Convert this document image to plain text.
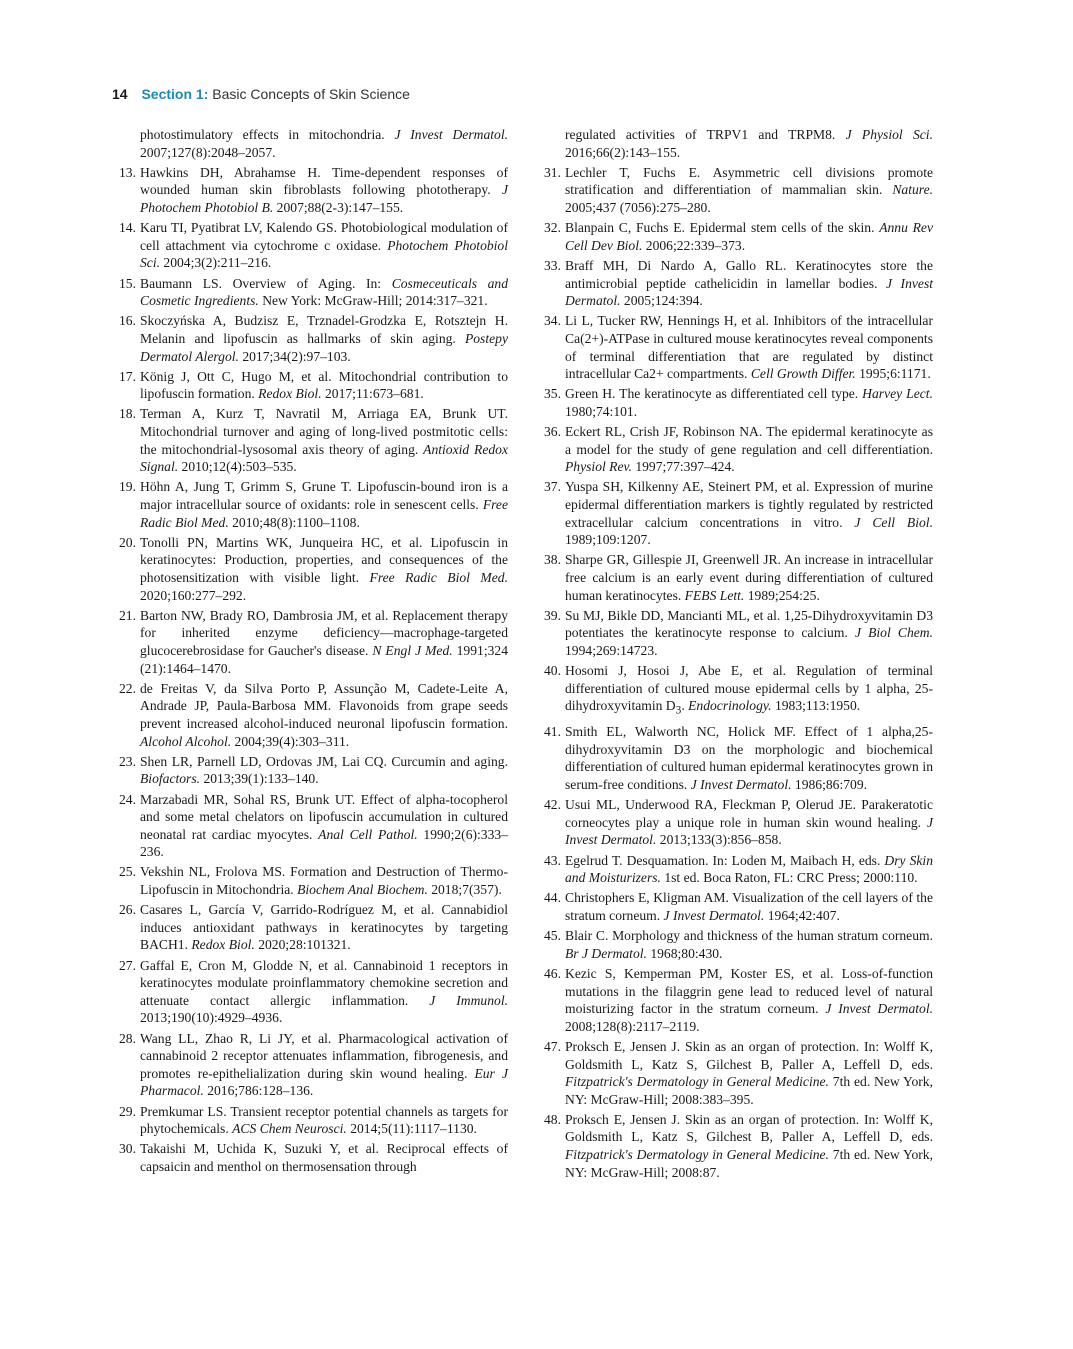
14 Section 1: Basic Concepts of Skin Science
photostimulatory effects in mitochondria. J Invest Dermatol. 2007;127(8):2048–2057.
13. Hawkins DH, Abrahamse H. Time-dependent responses of wounded human skin fibroblasts following phototherapy. J Photochem Photobiol B. 2007;88(2-3):147–155.
14. Karu TI, Pyatibrat LV, Kalendo GS. Photobiological modulation of cell attachment via cytochrome c oxidase. Photochem Photobiol Sci. 2004;3(2):211–216.
15. Baumann LS. Overview of Aging. In: Cosmeceuticals and Cosmetic Ingredients. New York: McGraw-Hill; 2014:317–321.
16. Skoczyńska A, Budzisz E, Trznadel-Grodzka E, Rotsztejn H. Melanin and lipofuscin as hallmarks of skin aging. Postepy Dermatol Alergol. 2017;34(2):97–103.
17. König J, Ott C, Hugo M, et al. Mitochondrial contribution to lipofuscin formation. Redox Biol. 2017;11:673–681.
18. Terman A, Kurz T, Navratil M, Arriaga EA, Brunk UT. Mitochondrial turnover and aging of long-lived postmitotic cells: the mitochondrial-lysosomal axis theory of aging. Antioxid Redox Signal. 2010;12(4):503–535.
19. Höhn A, Jung T, Grimm S, Grune T. Lipofuscin-bound iron is a major intracellular source of oxidants: role in senescent cells. Free Radic Biol Med. 2010;48(8):1100–1108.
20. Tonolli PN, Martins WK, Junqueira HC, et al. Lipofuscin in keratinocytes: Production, properties, and consequences of the photosensitization with visible light. Free Radic Biol Med. 2020;160:277–292.
21. Barton NW, Brady RO, Dambrosia JM, et al. Replacement therapy for inherited enzyme deficiency—macrophage-targeted glucocerebrosidase for Gaucher's disease. N Engl J Med. 1991;324 (21):1464–1470.
22. de Freitas V, da Silva Porto P, Assunção M, Cadete-Leite A, Andrade JP, Paula-Barbosa MM. Flavonoids from grape seeds prevent increased alcohol-induced neuronal lipofuscin formation. Alcohol Alcohol. 2004;39(4):303–311.
23. Shen LR, Parnell LD, Ordovas JM, Lai CQ. Curcumin and aging. Biofactors. 2013;39(1):133–140.
24. Marzabadi MR, Sohal RS, Brunk UT. Effect of alpha-tocopherol and some metal chelators on lipofuscin accumulation in cultured neonatal rat cardiac myocytes. Anal Cell Pathol. 1990;2(6):333–236.
25. Vekshin NL, Frolova MS. Formation and Destruction of Thermo-Lipofuscin in Mitochondria. Biochem Anal Biochem. 2018;7(357).
26. Casares L, García V, Garrido-Rodríguez M, et al. Cannabidiol induces antioxidant pathways in keratinocytes by targeting BACH1. Redox Biol. 2020;28:101321.
27. Gaffal E, Cron M, Glodde N, et al. Cannabinoid 1 receptors in keratinocytes modulate proinflammatory chemokine secretion and attenuate contact allergic inflammation. J Immunol. 2013;190(10):4929–4936.
28. Wang LL, Zhao R, Li JY, et al. Pharmacological activation of cannabinoid 2 receptor attenuates inflammation, fibrogenesis, and promotes re-epithelialization during skin wound healing. Eur J Pharmacol. 2016;786:128–136.
29. Premkumar LS. Transient receptor potential channels as targets for phytochemicals. ACS Chem Neurosci. 2014;5(11):1117–1130.
30. Takaishi M, Uchida K, Suzuki Y, et al. Reciprocal effects of capsaicin and menthol on thermosensation through
regulated activities of TRPV1 and TRPM8. J Physiol Sci. 2016;66(2):143–155.
31. Lechler T, Fuchs E. Asymmetric cell divisions promote stratification and differentiation of mammalian skin. Nature. 2005;437 (7056):275–280.
32. Blanpain C, Fuchs E. Epidermal stem cells of the skin. Annu Rev Cell Dev Biol. 2006;22:339–373.
33. Braff MH, Di Nardo A, Gallo RL. Keratinocytes store the antimicrobial peptide cathelicidin in lamellar bodies. J Invest Dermatol. 2005;124:394.
34. Li L, Tucker RW, Hennings H, et al. Inhibitors of the intracellular Ca(2+)-ATPase in cultured mouse keratinocytes reveal components of terminal differentiation that are regulated by distinct intracellular Ca2+ compartments. Cell Growth Differ. 1995;6:1171.
35. Green H. The keratinocyte as differentiated cell type. Harvey Lect. 1980;74:101.
36. Eckert RL, Crish JF, Robinson NA. The epidermal keratinocyte as a model for the study of gene regulation and cell differentiation. Physiol Rev. 1997;77:397–424.
37. Yuspa SH, Kilkenny AE, Steinert PM, et al. Expression of murine epidermal differentiation markers is tightly regulated by restricted extracellular calcium concentrations in vitro. J Cell Biol. 1989;109:1207.
38. Sharpe GR, Gillespie JI, Greenwell JR. An increase in intracellular free calcium is an early event during differentiation of cultured human keratinocytes. FEBS Lett. 1989;254:25.
39. Su MJ, Bikle DD, Mancianti ML, et al. 1,25-Dihydroxyvitamin D3 potentiates the keratinocyte response to calcium. J Biol Chem. 1994;269:14723.
40. Hosomi J, Hosoi J, Abe E, et al. Regulation of terminal differentiation of cultured mouse epidermal cells by 1 alpha, 25-dihydroxyvitamin $D_3$. Endocrinology. 1983;113:1950.
41. Smith EL, Walworth NC, Holick MF. Effect of 1 alpha,25-dihydroxyvitamin D3 on the morphologic and biochemical differentiation of cultured human epidermal keratinocytes grown in serum-free conditions. J Invest Dermatol. 1986;86:709.
42. Usui ML, Underwood RA, Fleckman P, Olerud JE. Parakeratotic corneocytes play a unique role in human skin wound healing. J Invest Dermatol. 2013;133(3):856–858.
43. Egelrud T. Desquamation. In: Loden M, Maibach H, eds. Dry Skin and Moisturizers. 1st ed. Boca Raton, FL: CRC Press; 2000:110.
44. Christophers E, Kligman AM. Visualization of the cell layers of the stratum corneum. J Invest Dermatol. 1964;42:407.
45. Blair C. Morphology and thickness of the human stratum corneum. Br J Dermatol. 1968;80:430.
46. Kezic S, Kemperman PM, Koster ES, et al. Loss-of-function mutations in the filaggrin gene lead to reduced level of natural moisturizing factor in the stratum corneum. J Invest Dermatol. 2008;128(8):2117–2119.
47. Proksch E, Jensen J. Skin as an organ of protection. In: Wolff K, Goldsmith L, Katz S, Gilchest B, Paller A, Leffell D, eds. Fitzpatrick's Dermatology in General Medicine. 7th ed. New York, NY: McGraw-Hill; 2008:383–395.
48. Proksch E, Jensen J. Skin as an organ of protection. In: Wolff K, Goldsmith L, Katz S, Gilchest B, Paller A, Leffell D, eds. Fitzpatrick's Dermatology in General Medicine. 7th ed. New York, NY: McGraw-Hill; 2008:87.
